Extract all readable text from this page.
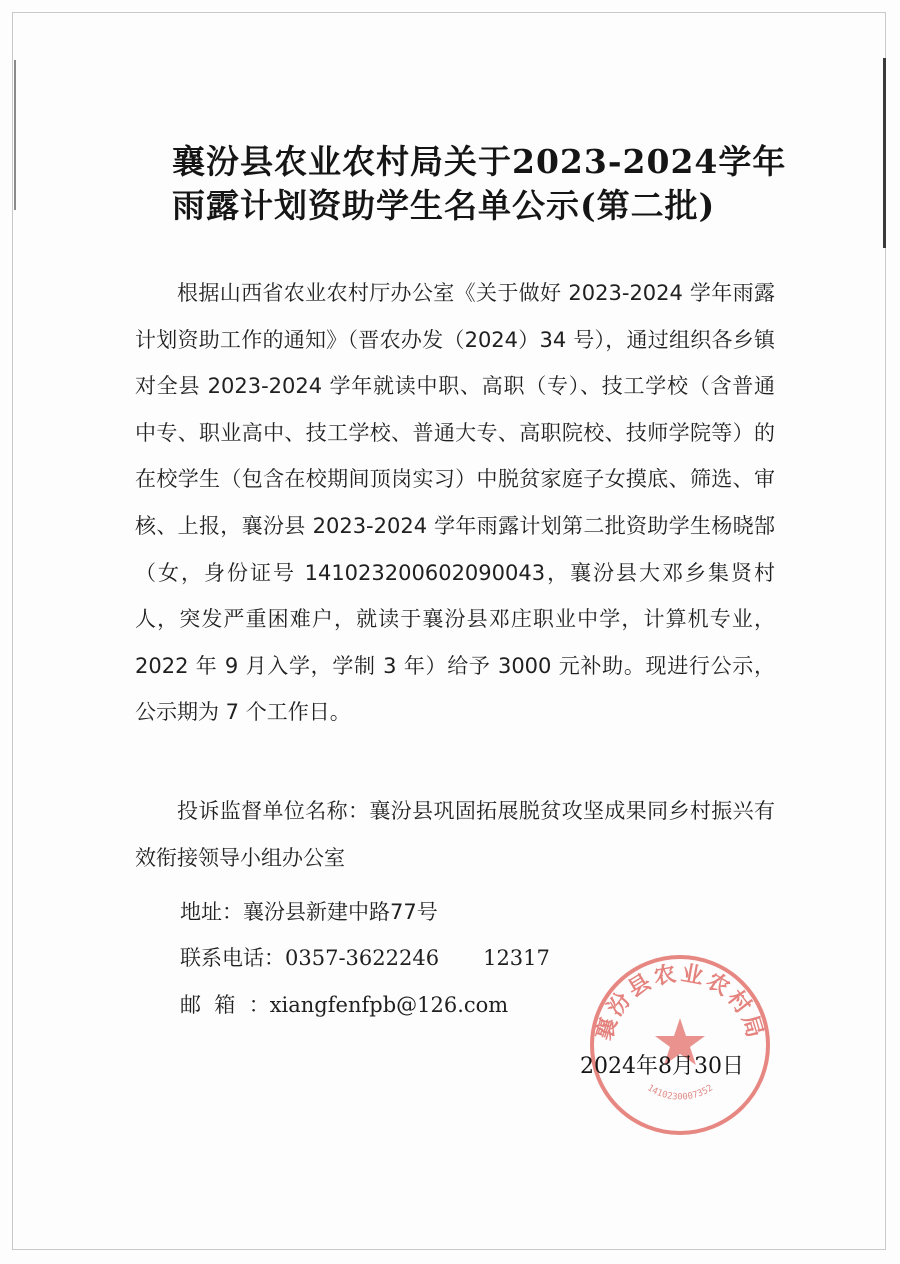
襄汾县农业农村局关于2023-2024学年
雨露计划资助学生名单公示(第二批)
根据山西省农业农村厅办公室《关于做好 2023-2024 学年雨露计划资助工作的通知》（晋农办发（2024）34 号），通过组织各乡镇对全县 2023-2024 学年就读中职、高职（专）、技工学校（含普通中专、职业高中、技工学校、普通大专、高职院校、技师学院等）的在校学生（包含在校期间顶岗实习）中脱贫家庭子女摸底、筛选、审核、上报，襄汾县 2023-2024 学年雨露计划第二批资助学生杨晓郜（女，身份证号 141023200602090043，襄汾县大邓乡集贤村人，突发严重困难户，就读于襄汾县邓庄职业中学，计算机专业，2022 年 9 月入学，学制 3 年）给予 3000 元补助。现进行公示，公示期为 7 个工作日。
投诉监督单位名称：襄汾县巩固拓展脱贫攻坚成果同乡村振兴有效衔接领导小组办公室
地址：襄汾县新建中路77号
联系电话：0357-3622246 12317
邮  箱  ：xiangfenfpb@126.com
襄汾县农业农村局
1410230007352
2024年8月30日
